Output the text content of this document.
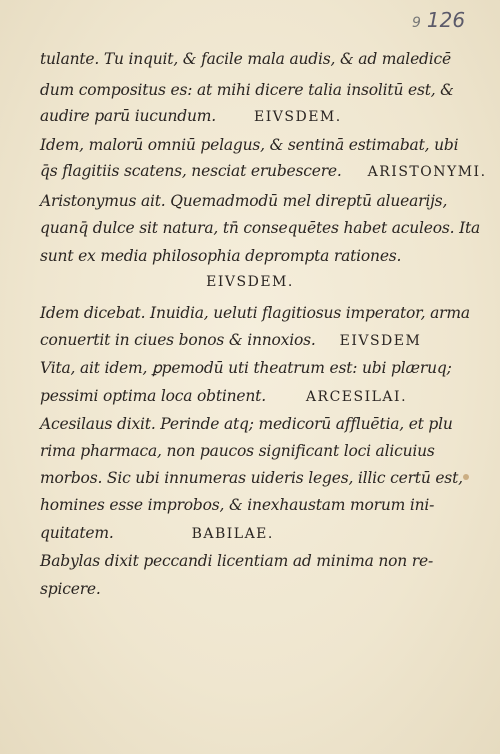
9 126
tulante. Tu inquit, & facile mala audis, & ad maledicē
dum compositus es: at mihi dicere talia insolitū est, &
audire parū iucundum.	EIVSDEM.
Idem, malorū omniū pelagus, & sentinā estimabat, ubi
q̄s flagitiis scatens, nesciat erubescere. ARISTONYMI.
Aristonymus ait. Quemadmodū mel direptū aluearijs,
quanq̄ dulce sit natura, tn̄ consequētes habet aculeos. Ita
sunt ex media philosophia deprompta rationes.
EIVSDEM.
Idem dicebat. Inuidia, ueluti flagitiosus imperator, arma
conuertit in ciues bonos & innoxios. EIVSDEM
Vita, ait idem, ꝑpemodū uti theatrum est: ubi plæruq;
pessimi optima loca obtinent.	ARCESILAI.
Acesilaus dixit. Perinde atq; medicorū affluētia, et plu
rima pharmaca, non paucos significant loci alicuius
morbos. Sic ubi innumeras uideris leges, illic certū est,
homines esse improbos, & inexhaustam morum ini-
quitatem.	BABILAE.
Babylas dixit peccandi licentiam ad minima non re-
spicere.
